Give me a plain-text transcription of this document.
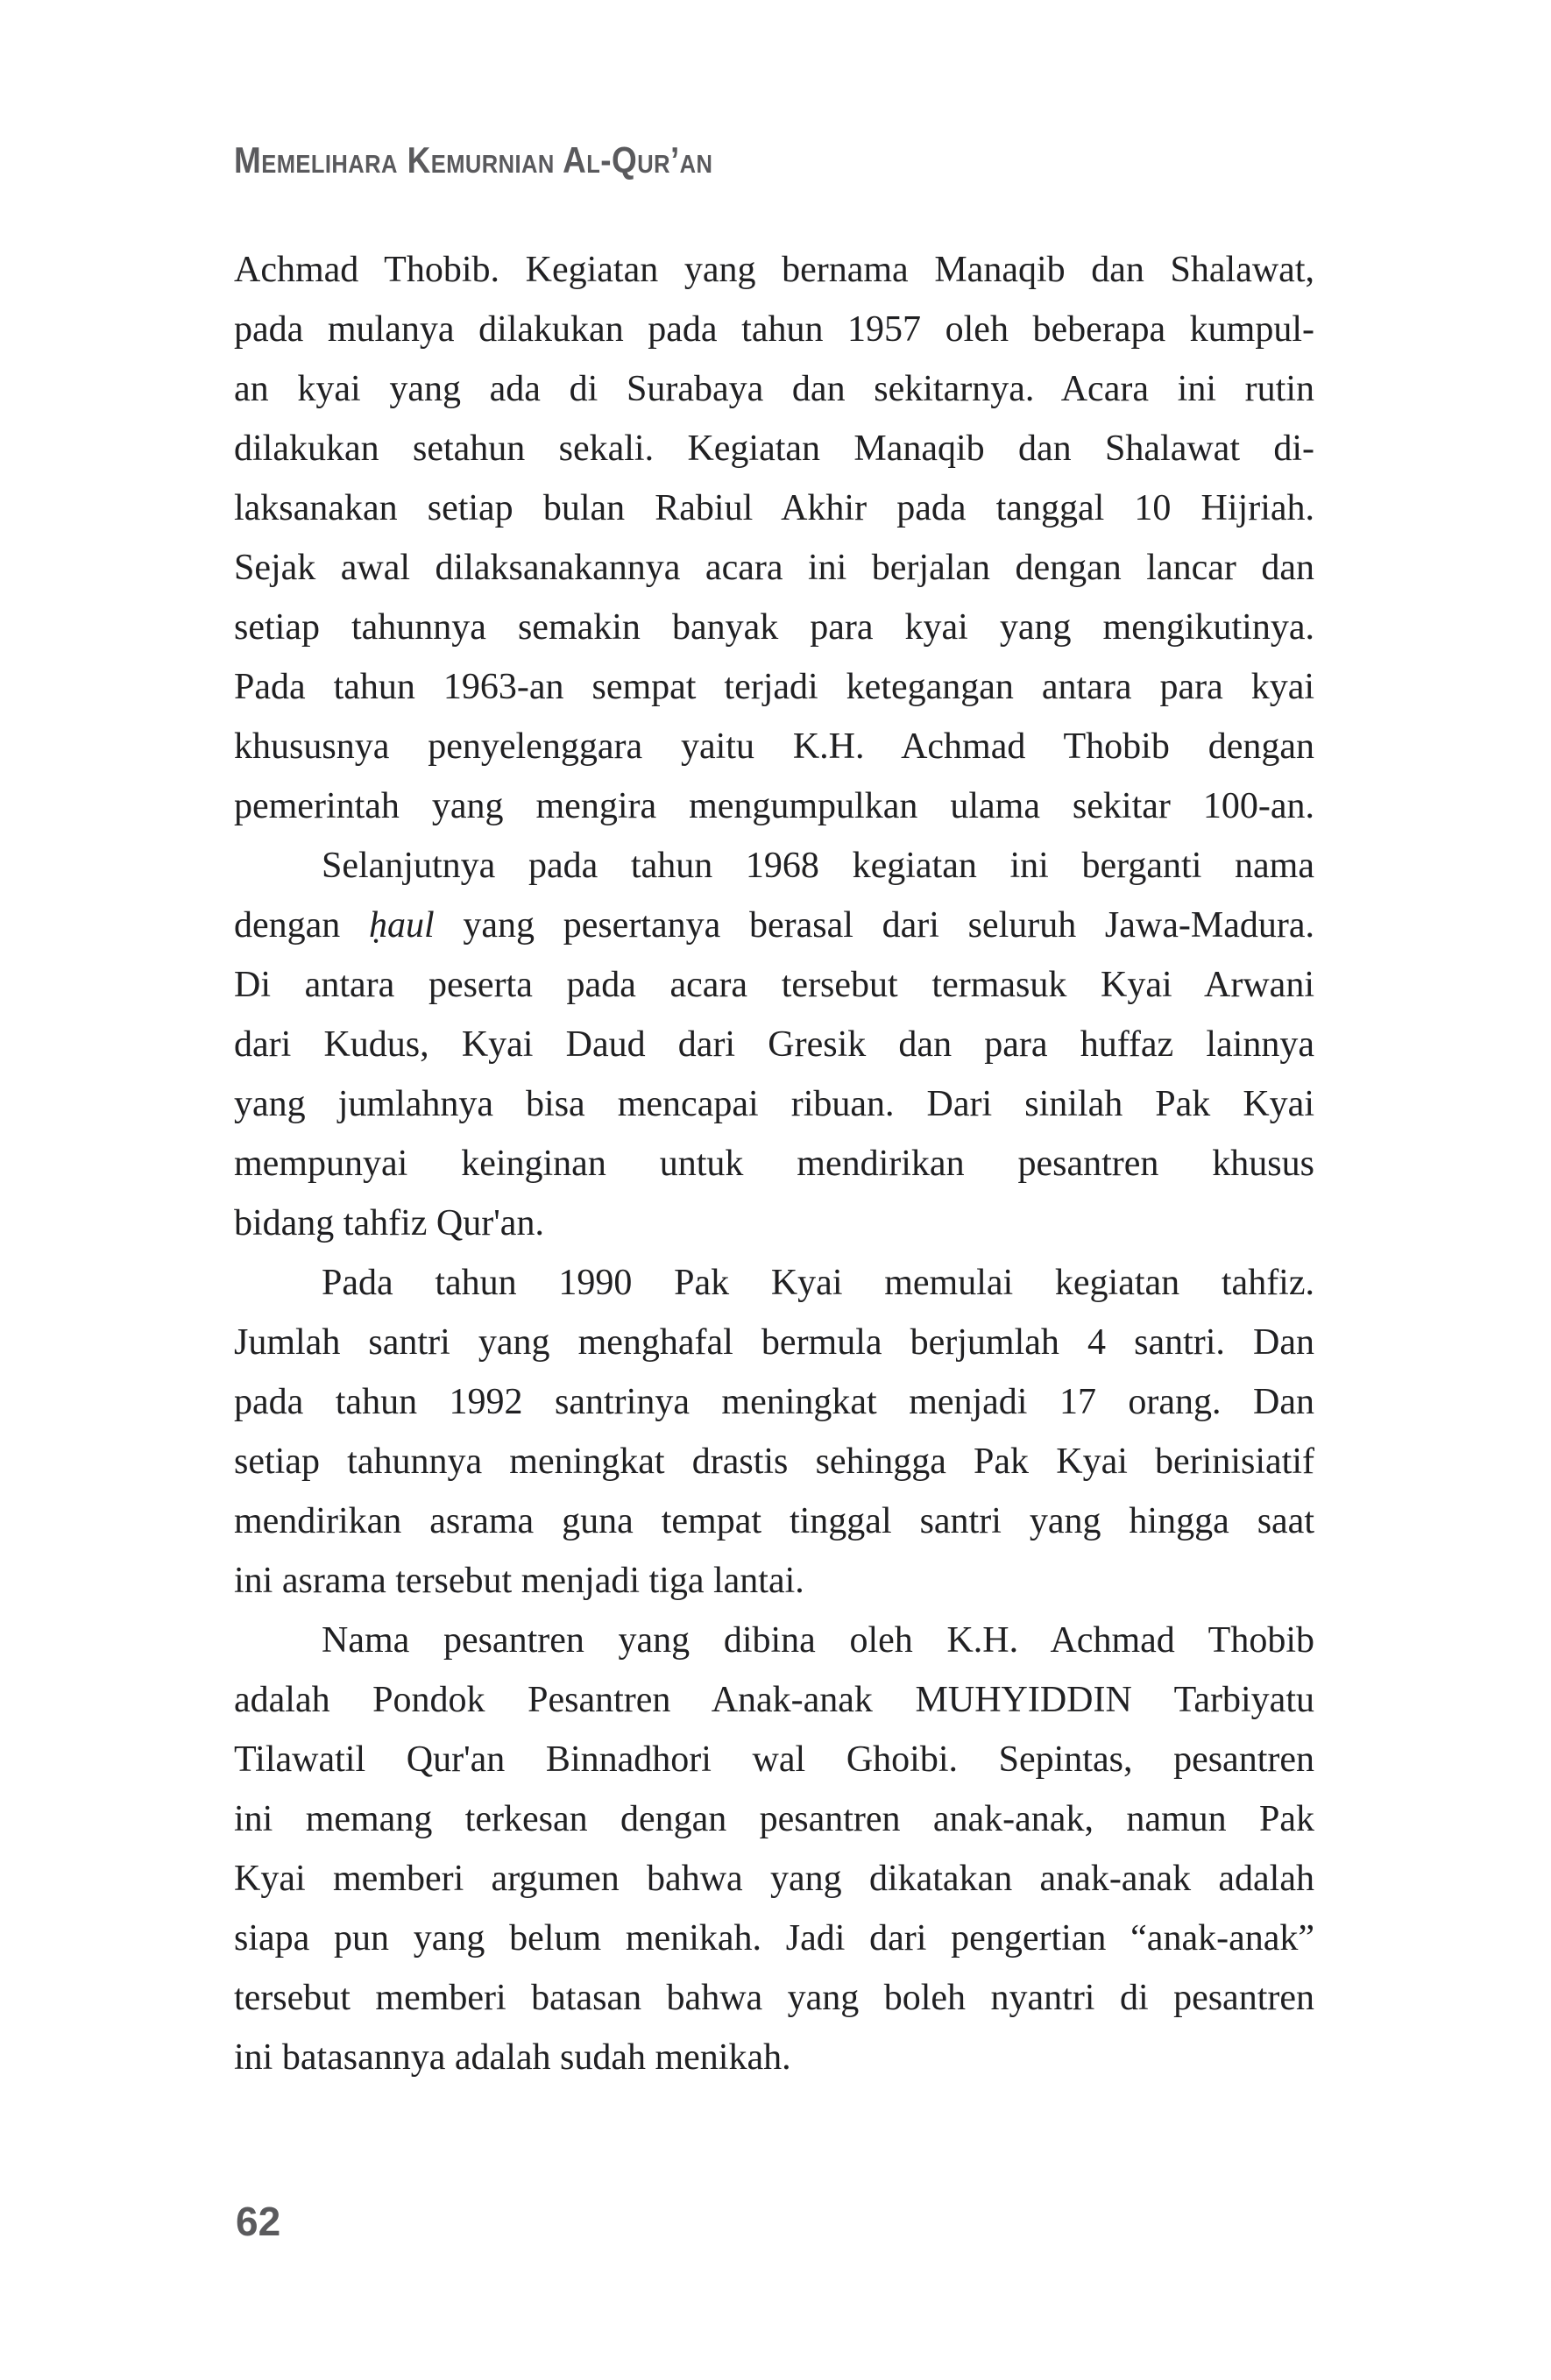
Memelihara Kemurnian Al-Qur’an
Achmad Thobib. Kegiatan yang bernama Manaqib dan Shalawat,
pada mulanya dilakukan pada tahun 1957 oleh beberapa kumpul-
an kyai yang ada di Surabaya dan sekitarnya. Acara ini rutin
dilakukan setahun sekali. Kegiatan Manaqib dan Shalawat di-
laksanakan setiap bulan Rabiul Akhir pada tanggal 10 Hijriah.
Sejak awal dilaksanakannya acara ini berjalan dengan lancar dan
setiap tahunnya semakin banyak para kyai yang mengikutinya.
Pada tahun 1963-an sempat terjadi ketegangan antara para kyai
khususnya penyelenggara yaitu K.H. Achmad Thobib dengan
pemerintah yang mengira mengumpulkan ulama sekitar 100-an.
Selanjutnya pada tahun 1968 kegiatan ini berganti nama
dengan ḥaul yang pesertanya berasal dari seluruh Jawa-Madura.
Di antara peserta pada acara tersebut termasuk Kyai Arwani
dari Kudus, Kyai Daud dari Gresik dan para huffaz lainnya
yang jumlahnya bisa mencapai ribuan. Dari sinilah Pak Kyai
mempunyai keinginan untuk mendirikan pesantren khusus
bidang tahfiz Qur'an.
Pada tahun 1990 Pak Kyai memulai kegiatan tahfiz.
Jumlah santri yang menghafal bermula berjumlah 4 santri. Dan
pada tahun 1992 santrinya meningkat menjadi 17 orang. Dan
setiap tahunnya meningkat drastis sehingga Pak Kyai berinisiatif
mendirikan asrama guna tempat tinggal santri yang hingga saat
ini asrama tersebut menjadi tiga lantai.
Nama pesantren yang dibina oleh K.H. Achmad Thobib
adalah Pondok Pesantren Anak-anak MUHYIDDIN Tarbiyatu
Tilawatil Qur'an Binnadhori wal Ghoibi. Sepintas, pesantren
ini memang terkesan dengan pesantren anak-anak, namun Pak
Kyai memberi argumen bahwa yang dikatakan anak-anak adalah
siapa pun yang belum menikah. Jadi dari pengertian “anak-anak”
tersebut memberi batasan bahwa yang boleh nyantri di pesantren
ini batasannya adalah sudah menikah.
62
